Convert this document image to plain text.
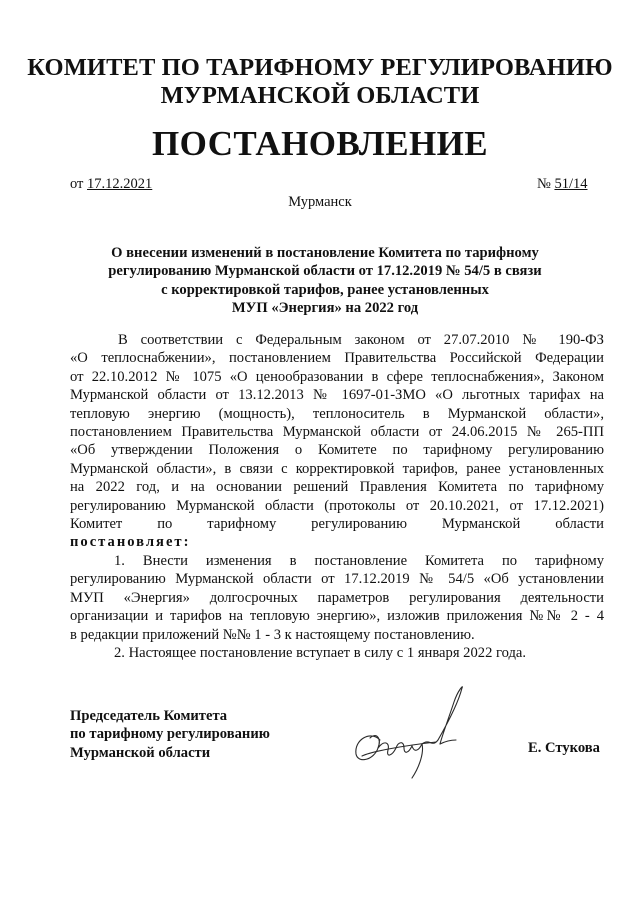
КОМИТЕТ ПО ТАРИФНОМУ РЕГУЛИРОВАНИЮ
МУРМАНСКОЙ ОБЛАСТИ
ПОСТАНОВЛЕНИЕ
от 17.12.2021	№ 51/14
Мурманск
О внесении изменений в постановление Комитета по тарифному
регулированию Мурманской области от 17.12.2019 № 54/5 в связи
с корректировкой тарифов, ранее установленных
МУП «Энергия» на 2022 год
В соответствии с Федеральным законом от 27.07.2010 № 190-ФЗ
«О теплоснабжении», постановлением Правительства Российской Федерации
от 22.10.2012 № 1075 «О ценообразовании в сфере теплоснабжения», Законом
Мурманской области от 13.12.2013 № 1697-01-ЗМО «О льготных тарифах на
тепловую энергию (мощность), теплоноситель в Мурманской области»,
постановлением Правительства Мурманской области от 24.06.2015 № 265-ПП
«Об утверждении Положения о Комитете по тарифному регулированию
Мурманской области», в связи с корректировкой тарифов, ранее установленных
на 2022 год, и на основании решений Правления Комитета по тарифному
регулированию Мурманской области (протоколы от 20.10.2021, от 17.12.2021)
Комитет по тарифному регулированию Мурманской области
постановляет:
1. Внести изменения в постановление Комитета по тарифному
регулированию Мурманской области от 17.12.2019 № 54/5 «Об установлении
МУП «Энергия» долгосрочных параметров регулирования деятельности
организации и тарифов на тепловую энергию», изложив приложения №№ 2 - 4
в редакции приложений №№ 1 - 3 к настоящему постановлению.
2. Настоящее постановление вступает в силу с 1 января 2022 года.
Председатель Комитета
по тарифному регулированию
Мурманской области	Е. Стукова
